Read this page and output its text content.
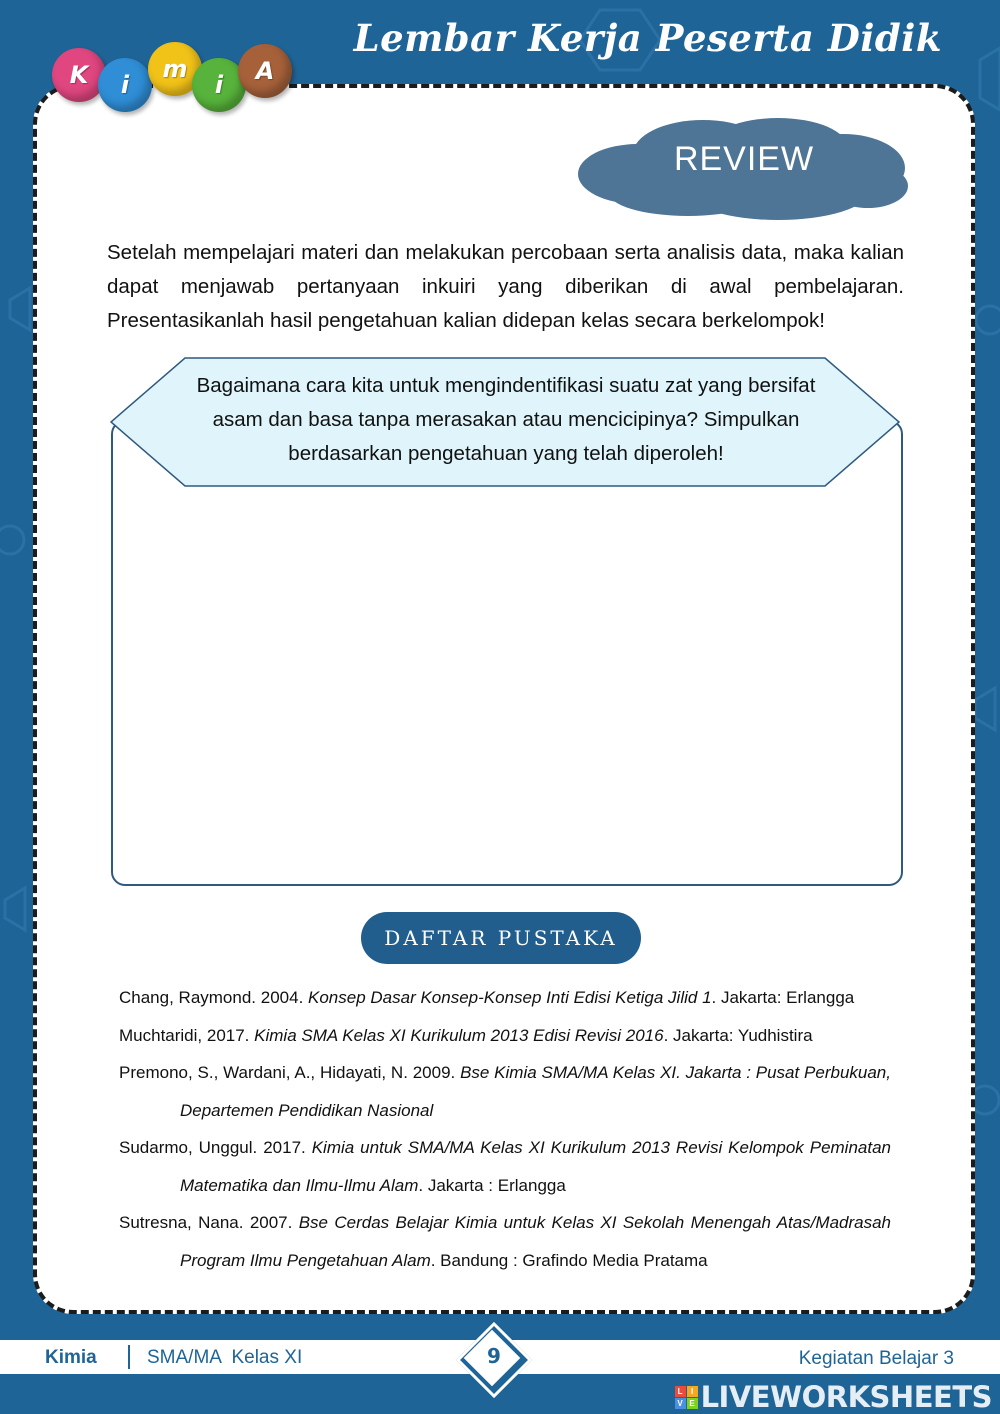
Lembar Kerja Peserta Didik
K	i
m
i	A
REVIEW
Setelah mempelajari materi dan melakukan percobaan serta analisis data, maka kalian dapat menjawab pertanyaan inkuiri yang diberikan di awal pembelajaran. Presentasikanlah hasil pengetahuan kalian didepan kelas secara berkelompok!
Bagaimana cara kita untuk mengindentifikasi suatu zat yang bersifat
asam dan basa tanpa merasakan atau mencicipinya? Simpulkan
berdasarkan pengetahuan yang telah diperoleh!
DAFTAR PUSTAKA
Chang, Raymond. 2004. Konsep Dasar Konsep-Konsep Inti Edisi Ketiga Jilid 1. Jakarta: Erlangga
Muchtaridi, 2017. Kimia SMA Kelas XI Kurikulum 2013 Edisi Revisi 2016. Jakarta: Yudhistira
Premono, S., Wardani, A., Hidayati, N. 2009. Bse Kimia SMA/MA Kelas XI. Jakarta : Pusat Perbukuan, Departemen Pendidikan Nasional
Sudarmo, Unggul. 2017. Kimia untuk SMA/MA Kelas XI Kurikulum 2013 Revisi Kelompok Peminatan Matematika dan Ilmu-Ilmu Alam. Jakarta : Erlangga
Sutresna, Nana. 2007. Bse Cerdas Belajar Kimia untuk Kelas XI Sekolah Menengah Atas/Madrasah Program Ilmu Pengetahuan Alam. Bandung : Grafindo Media Pratama
Kimia	SMA/MA  Kelas XI	Kegiatan Belajar 3
9
L	I
V E LIVEWORKSHEETS
